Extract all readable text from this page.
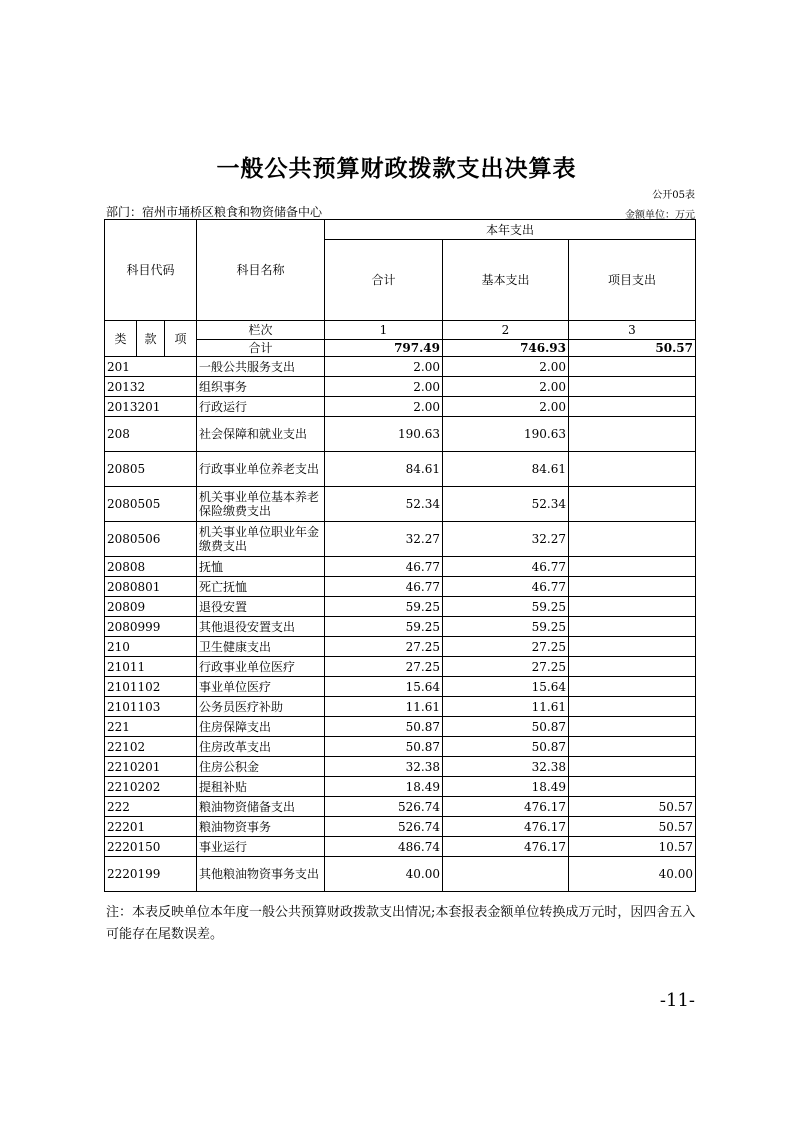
一般公共预算财政拨款支出决算表
公开05表
部门：宿州市埇桥区粮食和物资储备中心	金额单位：万元
科目代码			科目名称	本年支出		
				合计	基本支出	项目支出
类	款	项	栏次	1	2	3
			合计	797.49	746.93	50.57
201			一般公共服务支出	2.00	2.00	
20132			组织事务	2.00	2.00	
2013201			行政运行	2.00	2.00	
208			社会保障和就业支出	190.63	190.63	
20805			行政事业单位养老支出	84.61	84.61	
2080505			机关事业单位基本养老保险缴费支出	52.34	52.34	
2080506			机关事业单位职业年金缴费支出	32.27	32.27	
20808			抚恤	46.77	46.77	
2080801			死亡抚恤	46.77	46.77	
20809			退役安置	59.25	59.25	
2080999			其他退役安置支出	59.25	59.25	
210			卫生健康支出	27.25	27.25	
21011			行政事业单位医疗	27.25	27.25	
2101102			事业单位医疗	15.64	15.64	
2101103			公务员医疗补助	11.61	11.61	
221			住房保障支出	50.87	50.87	
22102			住房改革支出	50.87	50.87	
2210201			住房公积金	32.38	32.38	
2210202			提租补贴	18.49	18.49	
222			粮油物资储备支出	526.74	476.17	50.57
22201			粮油物资事务	526.74	476.17	50.57
2220150			事业运行	486.74	476.17	10.57
2220199			其他粮油物资事务支出	40.00		40.00
注：本表反映单位本年度一般公共预算财政拨款支出情况;本套报表金额单位转换成万元时，因四舍五入可能存在尾数误差。
-11-
